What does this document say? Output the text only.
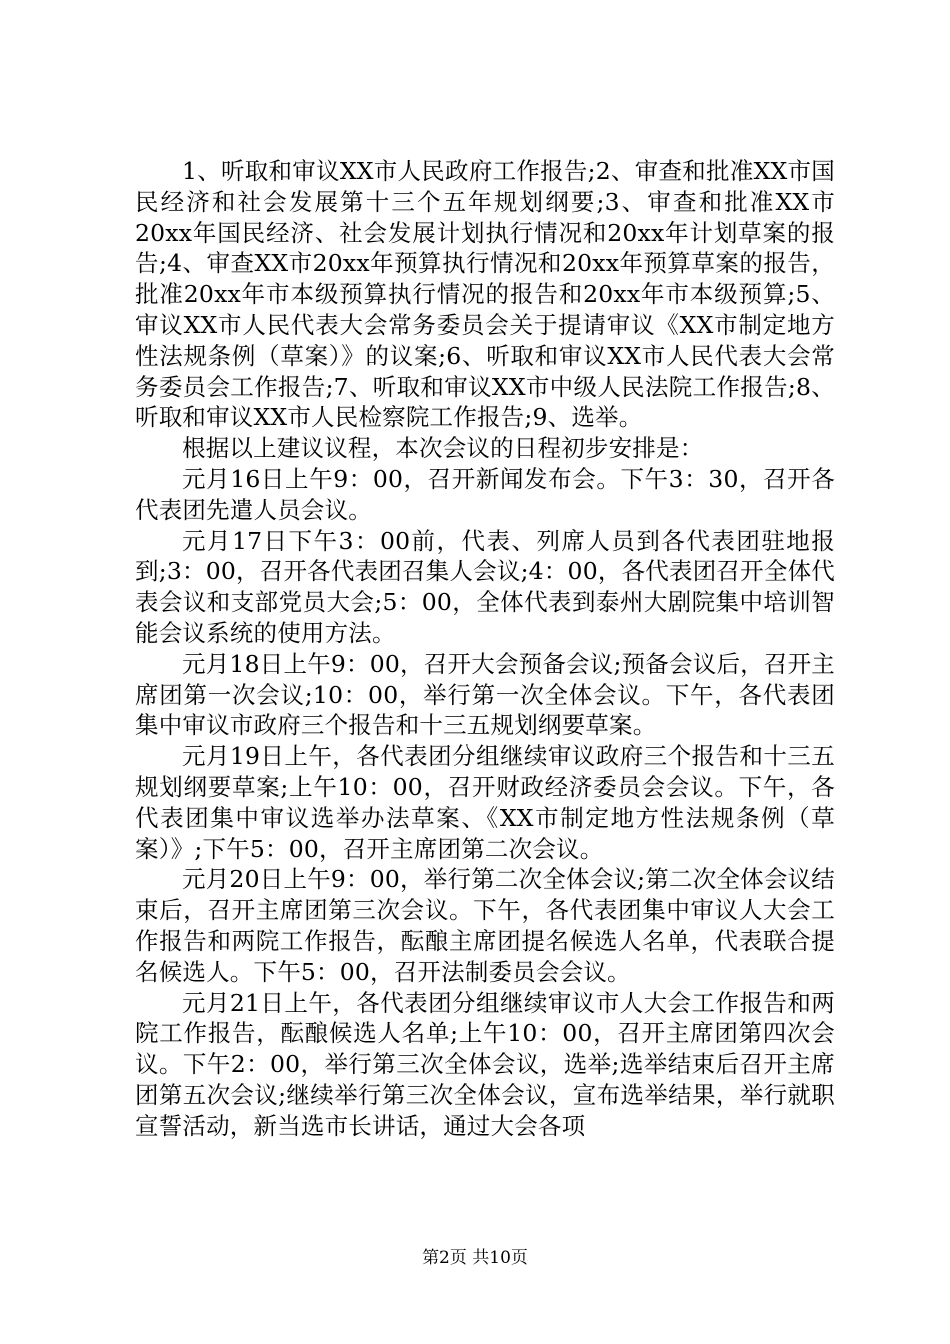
1、听取和审议XX市人民政府工作报告;2、审查和批准XX市国民经济和社会发展第十三个五年规划纲要;3、审查和批准XX市20xx年国民经济、社会发展计划执行情况和20xx年计划草案的报告;4、审查XX市20xx年预算执行情况和20xx年预算草案的报告，批准20xx年市本级预算执行情况的报告和20xx年市本级预算;5、审议XX市人民代表大会常务委员会关于提请审议《XX市制定地方性法规条例（草案）》的议案;6、听取和审议XX市人民代表大会常务委员会工作报告;7、听取和审议XX市中级人民法院工作报告;8、听取和审议XX市人民检察院工作报告;9、选举。

根据以上建议议程，本次会议的日程初步安排是：

元月16日上午9：00，召开新闻发布会。下午3：30，召开各代表团先遣人员会议。

元月17日下午3：00前，代表、列席人员到各代表团驻地报到;3：00，召开各代表团召集人会议;4：00，各代表团召开全体代表会议和支部党员大会;5：00，全体代表到泰州大剧院集中培训智能会议系统的使用方法。

元月18日上午9：00，召开大会预备会议;预备会议后，召开主席团第一次会议;10：00，举行第一次全体会议。下午，各代表团集中审议市政府三个报告和十三五规划纲要草案。

元月19日上午，各代表团分组继续审议政府三个报告和十三五规划纲要草案;上午10：00，召开财政经济委员会会议。下午，各代表团集中审议选举办法草案、《XX市制定地方性法规条例（草案）》;下午5：00，召开主席团第二次会议。

元月20日上午9：00，举行第二次全体会议;第二次全体会议结束后，召开主席团第三次会议。下午，各代表团集中审议人大会工作报告和两院工作报告，酝酿主席团提名候选人名单，代表联合提名候选人。下午5：00，召开法制委员会会议。

元月21日上午，各代表团分组继续审议市人大会工作报告和两院工作报告，酝酿候选人名单;上午10：00，召开主席团第四次会议。下午2：00，举行第三次全体会议，选举;选举结束后召开主席团第五次会议;继续举行第三次全体会议，宣布选举结果，举行就职宣誓活动，新当选市长讲话，通过大会各项

第2页 共10页
